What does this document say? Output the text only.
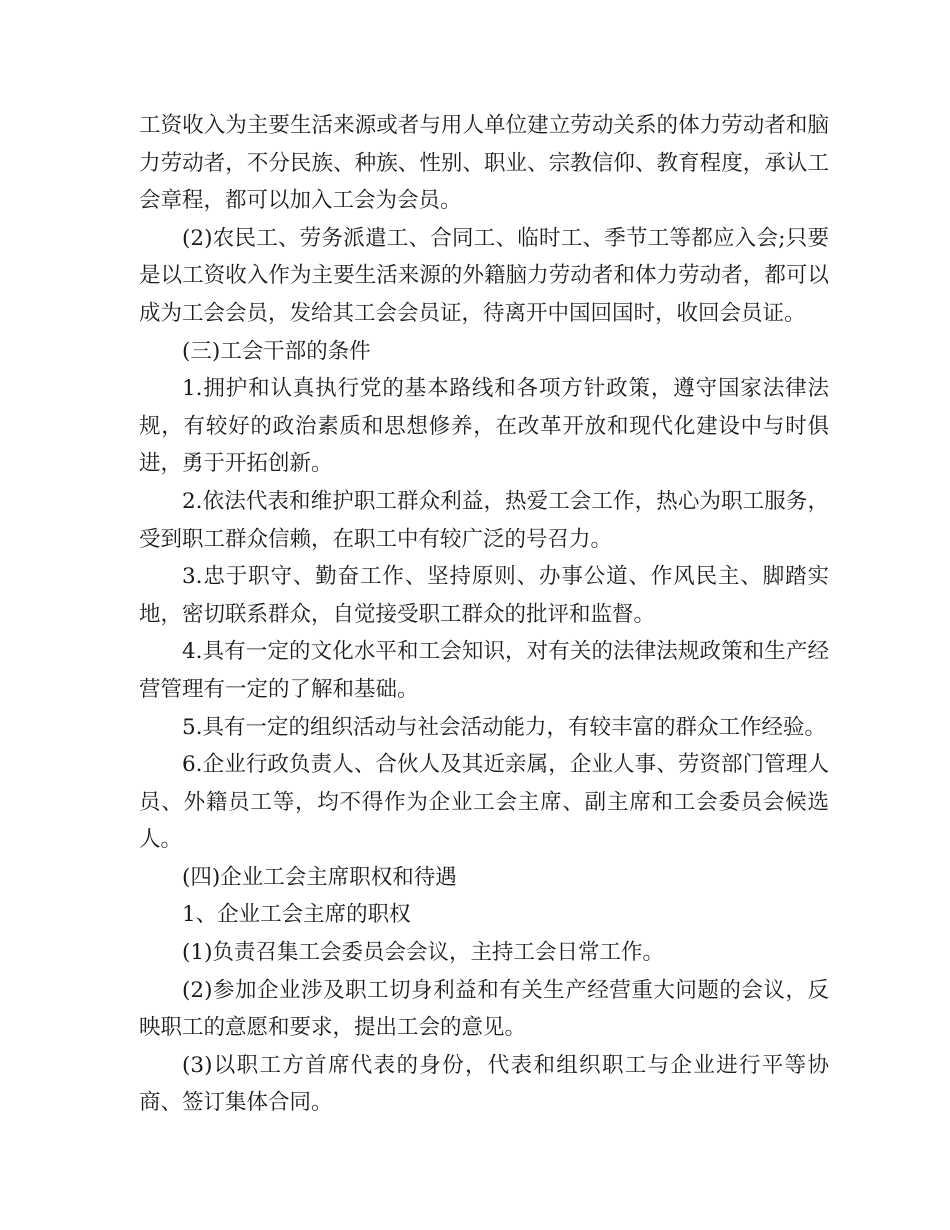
工资收入为主要生活来源或者与用人单位建立劳动关系的体力劳动者和脑力劳动者，不分民族、种族、性别、职业、宗教信仰、教育程度，承认工会章程，都可以加入工会为会员。

(2)农民工、劳务派遣工、合同工、临时工、季节工等都应入会;只要是以工资收入作为主要生活来源的外籍脑力劳动者和体力劳动者，都可以成为工会会员，发给其工会会员证，待离开中国回国时，收回会员证。

(三)工会干部的条件

1.拥护和认真执行党的基本路线和各项方针政策，遵守国家法律法规，有较好的政治素质和思想修养，在改革开放和现代化建设中与时俱进，勇于开拓创新。

2.依法代表和维护职工群众利益，热爱工会工作，热心为职工服务，受到职工群众信赖，在职工中有较广泛的号召力。

3.忠于职守、勤奋工作、坚持原则、办事公道、作风民主、脚踏实地，密切联系群众，自觉接受职工群众的批评和监督。

4.具有一定的文化水平和工会知识，对有关的法律法规政策和生产经营管理有一定的了解和基础。

5.具有一定的组织活动与社会活动能力，有较丰富的群众工作经验。

6.企业行政负责人、合伙人及其近亲属，企业人事、劳资部门管理人员、外籍员工等，均不得作为企业工会主席、副主席和工会委员会候选人。

(四)企业工会主席职权和待遇

1、企业工会主席的职权

(1)负责召集工会委员会会议，主持工会日常工作。

(2)参加企业涉及职工切身利益和有关生产经营重大问题的会议，反映职工的意愿和要求，提出工会的意见。

(3)以职工方首席代表的身份，代表和组织职工与企业进行平等协商、签订集体合同。
